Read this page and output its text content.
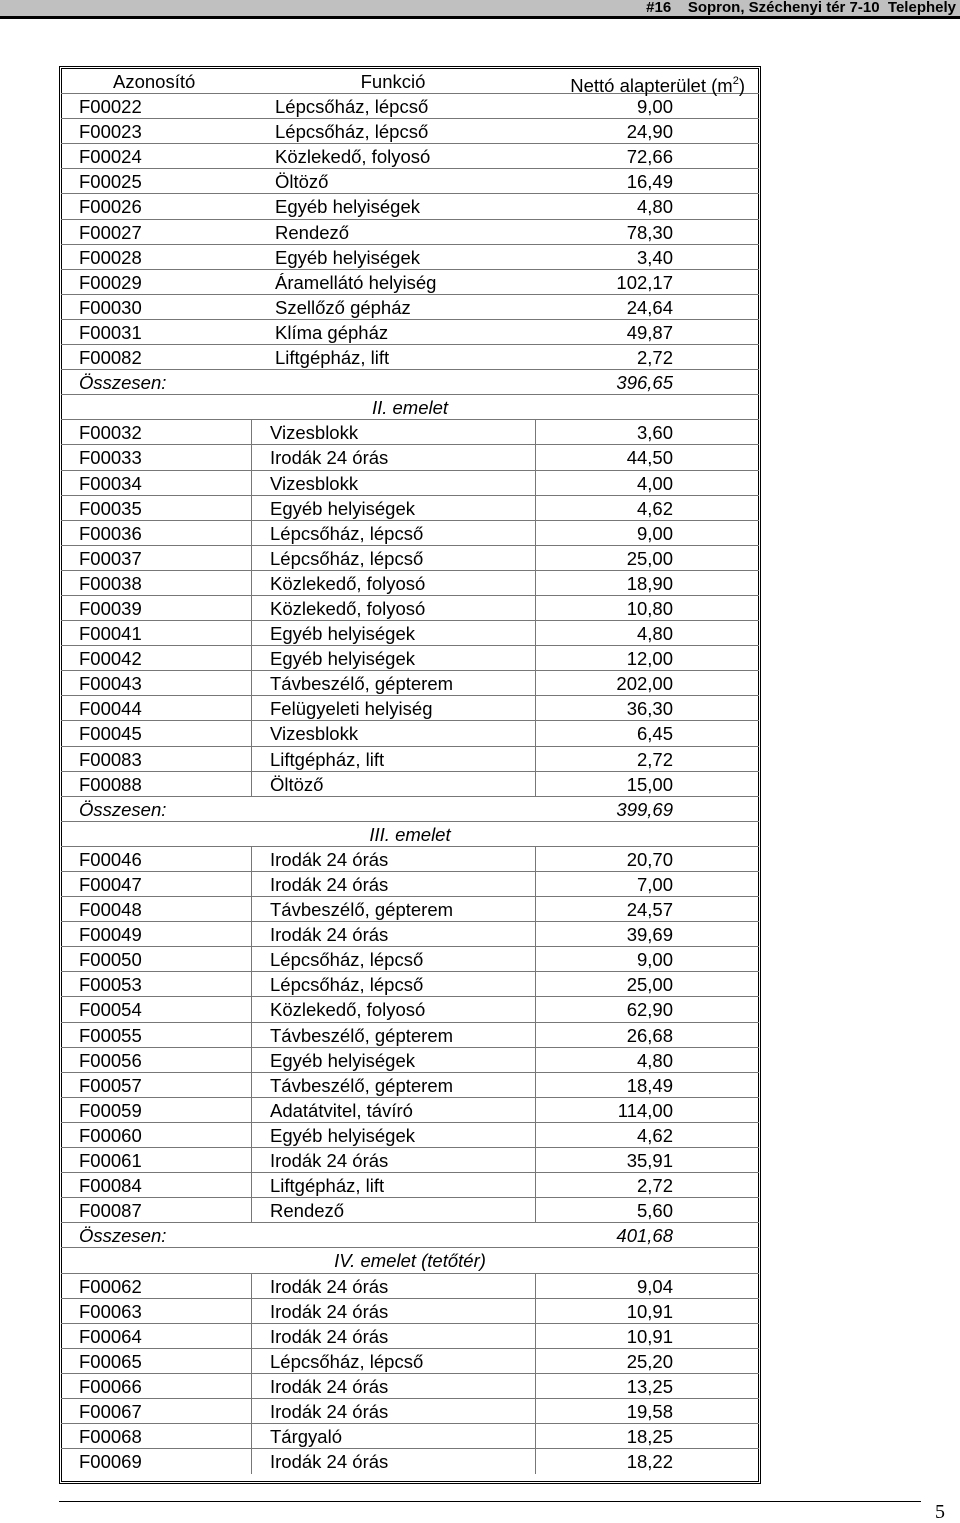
#16    Sopron, Széchenyi tér 7-10  Telephely
Azonosító	Funkció	Nettó alapterület $(m^2)$
F00022	Lépcsőház, lépcső	9,00
F00023	Lépcsőház, lépcső	24,90
F00024	Közlekedő, folyosó	72,66
F00025	Öltöző	16,49
F00026	Egyéb helyiségek	4,80
F00027	Rendező	78,30
F00028	Egyéb helyiségek	3,40
F00029	Áramellátó helyiség	102,17
F00030	Szellőző gépház	24,64
F00031	Klíma gépház	49,87
F00082	Liftgépház, lift	2,72
Összesen:	396,65
II. emelet
F00032	Vizesblokk	3,60
F00033	Irodák 24 órás	44,50
F00034	Vizesblokk	4,00
F00035	Egyéb helyiségek	4,62
F00036	Lépcsőház, lépcső	9,00
F00037	Lépcsőház, lépcső	25,00
F00038	Közlekedő, folyosó	18,90
F00039	Közlekedő, folyosó	10,80
F00041	Egyéb helyiségek	4,80
F00042	Egyéb helyiségek	12,00
F00043	Távbeszélő, gépterem	202,00
F00044	Felügyeleti helyiség	36,30
F00045	Vizesblokk	6,45
F00083	Liftgépház, lift	2,72
F00088	Öltöző	15,00
Összesen:	399,69
III. emelet
F00046	Irodák 24 órás	20,70
F00047	Irodák 24 órás	7,00
F00048	Távbeszélő, gépterem	24,57
F00049	Irodák 24 órás	39,69
F00050	Lépcsőház, lépcső	9,00
F00053	Lépcsőház, lépcső	25,00
F00054	Közlekedő, folyosó	62,90
F00055	Távbeszélő, gépterem	26,68
F00056	Egyéb helyiségek	4,80
F00057	Távbeszélő, gépterem	18,49
F00059	Adatátvitel, távíró	114,00
F00060	Egyéb helyiségek	4,62
F00061	Irodák 24 órás	35,91
F00084	Liftgépház, lift	2,72
F00087	Rendező	5,60
Összesen:	401,68
IV. emelet (tetőtér)
F00062	Irodák 24 órás	9,04
F00063	Irodák 24 órás	10,91
F00064	Irodák 24 órás	10,91
F00065	Lépcsőház, lépcső	25,20
F00066	Irodák 24 órás	13,25
F00067	Irodák 24 órás	19,58
F00068	Tárgyaló	18,25
F00069	Irodák 24 órás	18,22
5
